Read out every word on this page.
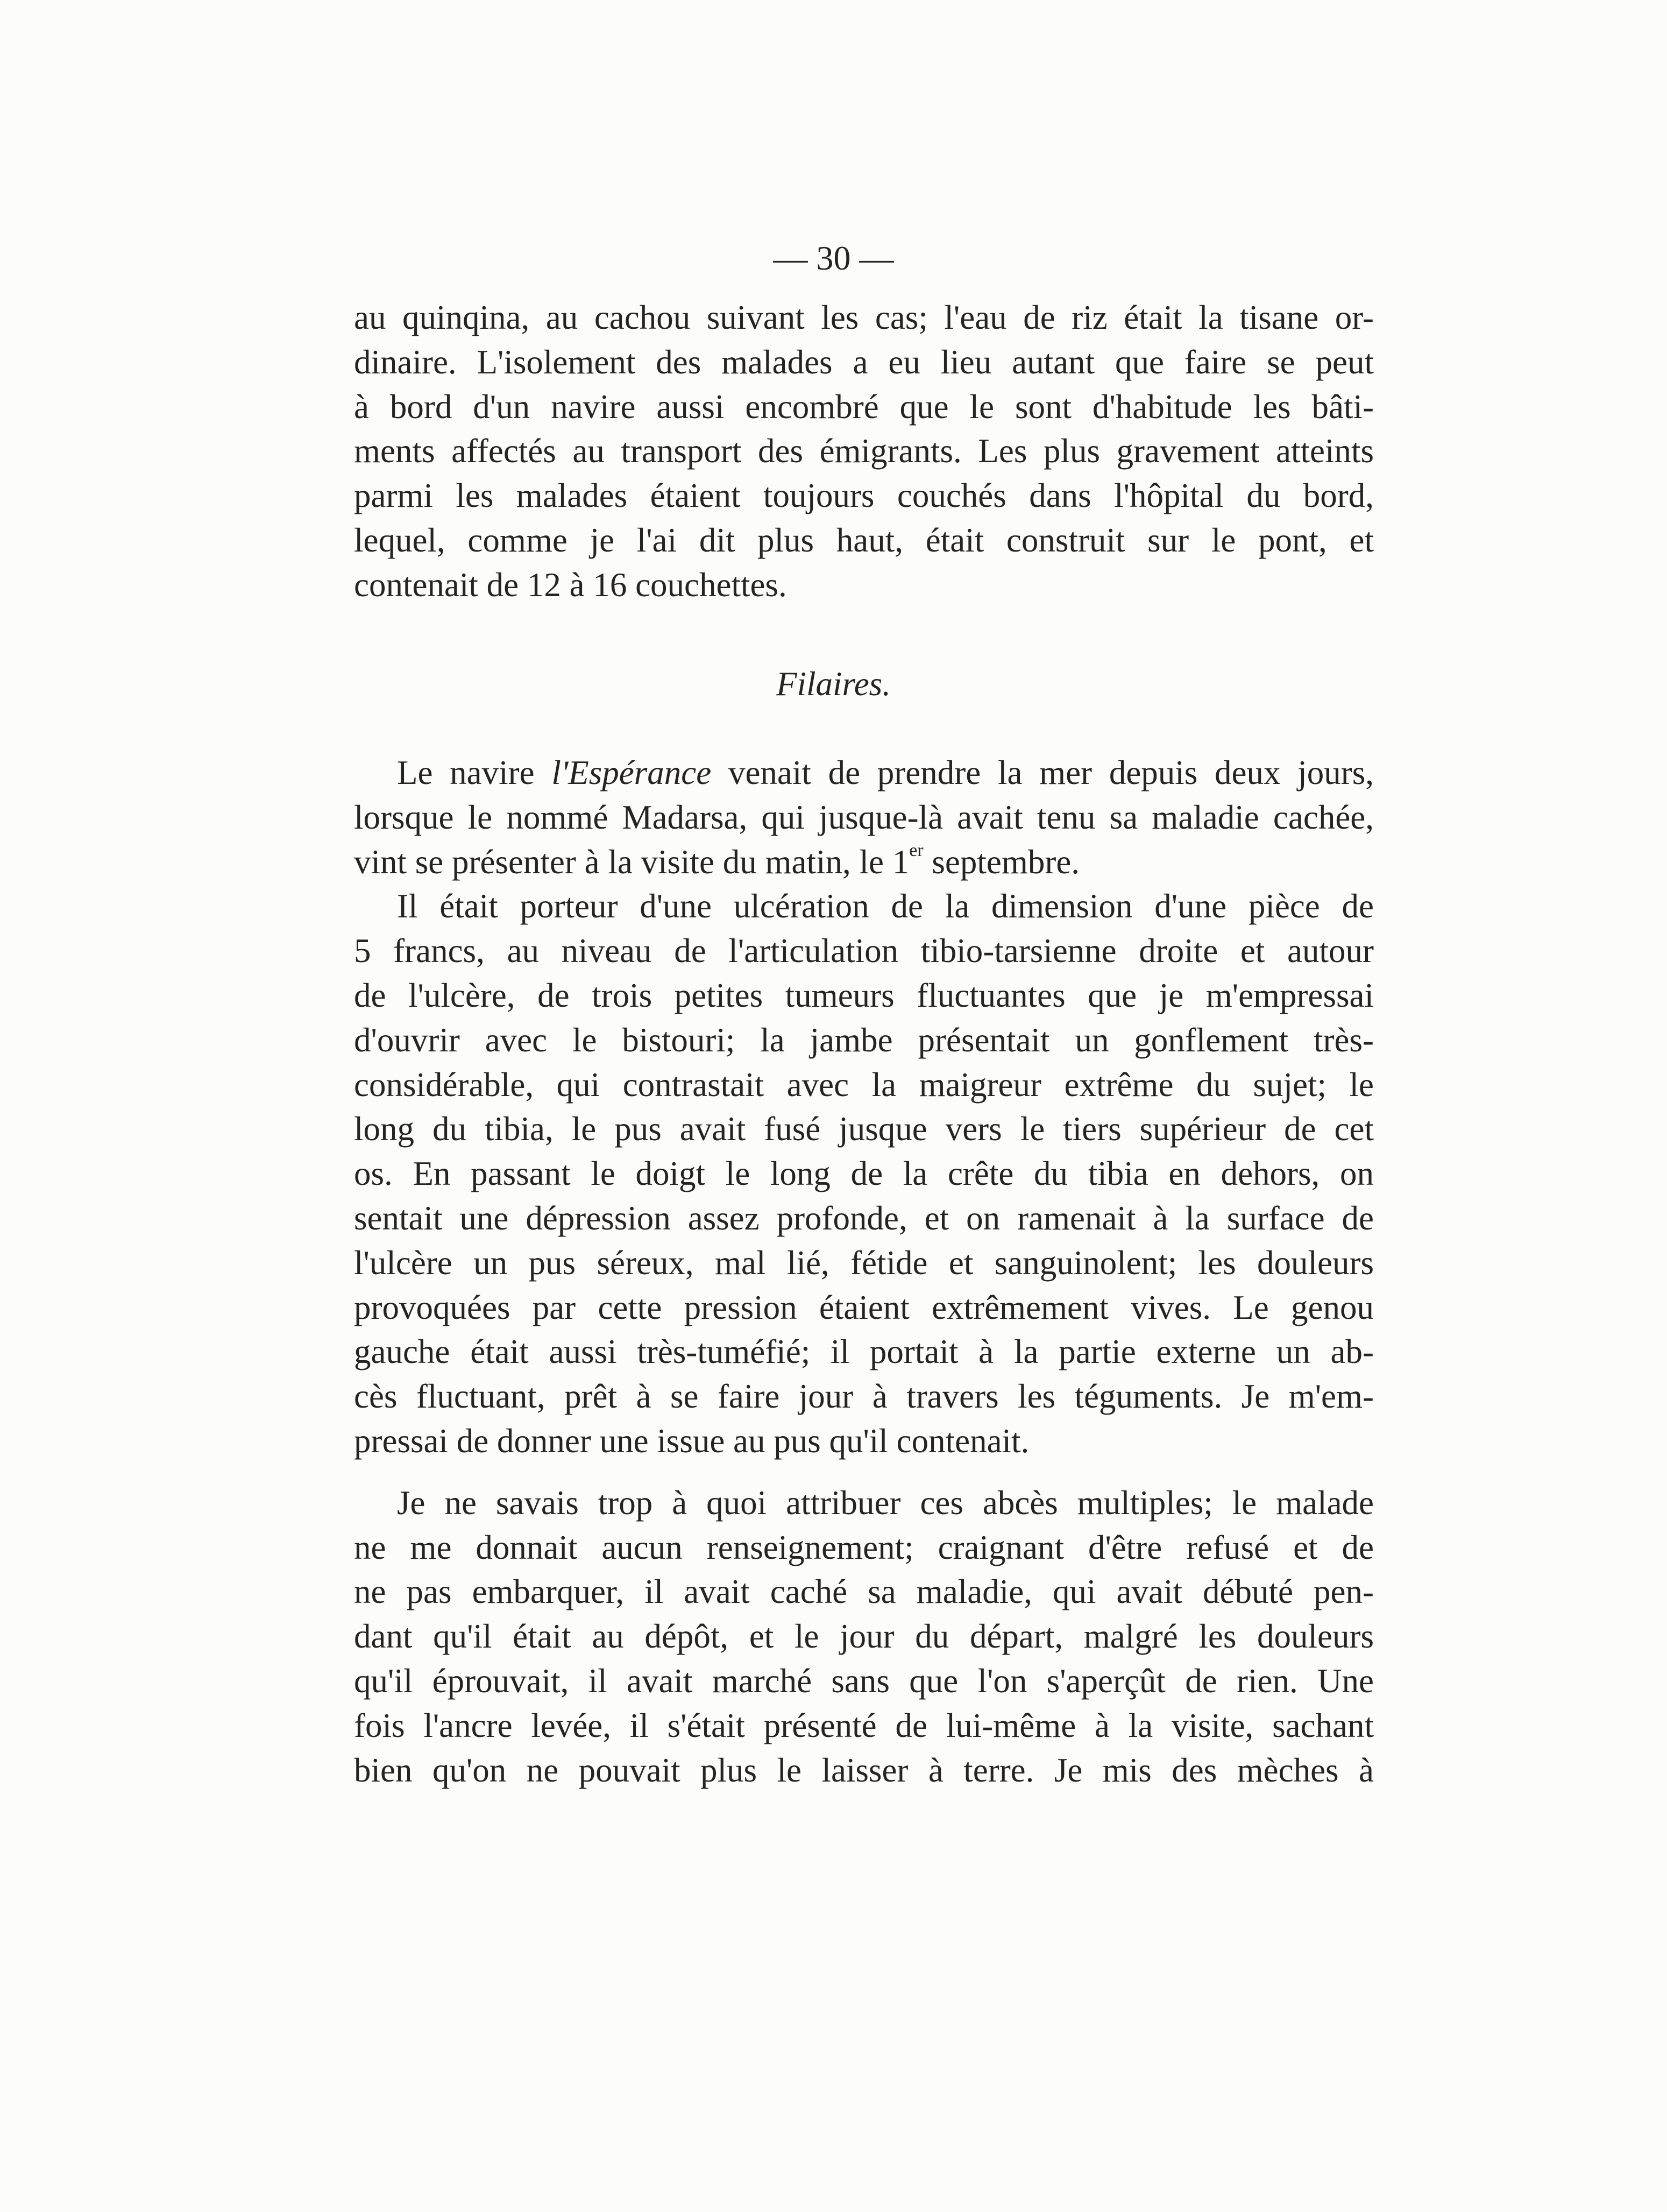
— 30 —
au quinqina, au cachou suivant les cas; l'eau de riz était la tisane or-
dinaire. L'isolement des malades a eu lieu autant que faire se peut
à bord d'un navire aussi encombré que le sont d'habitude les bâti-
ments affectés au transport des émigrants. Les plus gravement atteints
parmi les malades étaient toujours couchés dans l'hôpital du bord,
lequel, comme je l'ai dit plus haut, était construit sur le pont, et
contenait de 12 à 16 couchettes.
Filaires.
Le navire l'Espérance venait de prendre la mer depuis deux jours,
lorsque le nommé Madarsa, qui jusque-là avait tenu sa maladie cachée,
vint se présenter à la visite du matin, le 1er septembre.
Il était porteur d'une ulcération de la dimension d'une pièce de
5 francs, au niveau de l'articulation tibio-tarsienne droite et autour
de l'ulcère, de trois petites tumeurs fluctuantes que je m'empressai
d'ouvrir avec le bistouri; la jambe présentait un gonflement très-
considérable, qui contrastait avec la maigreur extrême du sujet; le
long du tibia, le pus avait fusé jusque vers le tiers supérieur de cet
os. En passant le doigt le long de la crête du tibia en dehors, on
sentait une dépression assez profonde, et on ramenait à la surface de
l'ulcère un pus séreux, mal lié, fétide et sanguinolent; les douleurs
provoquées par cette pression étaient extrêmement vives. Le genou
gauche était aussi très-tuméfié; il portait à la partie externe un ab-
cès fluctuant, prêt à se faire jour à travers les téguments. Je m'em-
pressai de donner une issue au pus qu'il contenait.
Je ne savais trop à quoi attribuer ces abcès multiples; le malade
ne me donnait aucun renseignement; craignant d'être refusé et de
ne pas embarquer, il avait caché sa maladie, qui avait débuté pen-
dant qu'il était au dépôt, et le jour du départ, malgré les douleurs
qu'il éprouvait, il avait marché sans que l'on s'aperçût de rien. Une
fois l'ancre levée, il s'était présenté de lui-même à la visite, sachant
bien qu'on ne pouvait plus le laisser à terre. Je mis des mèches à
